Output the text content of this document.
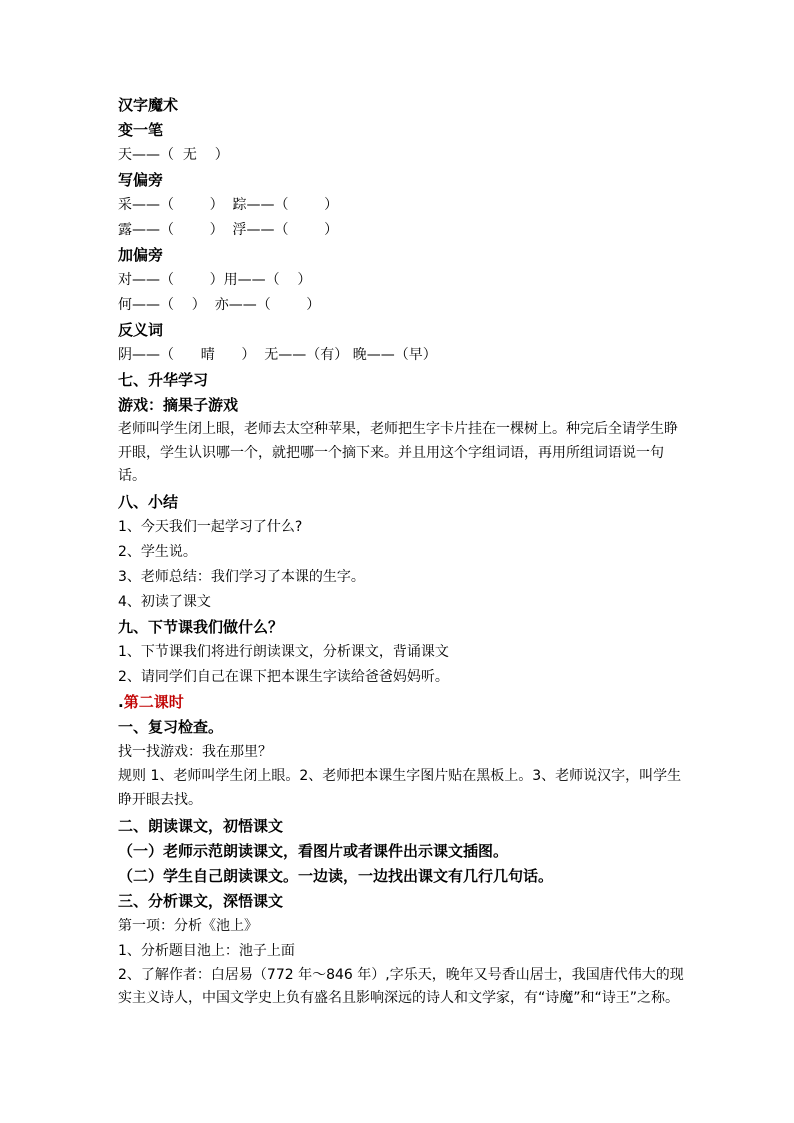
汉字魔术
变一笔
天——（  无    ）
写偏旁
采——（        ）  踪——（        ）
露——（        ）  浮——（        ）
加偏旁
对——（        ）用——（    ）
何——（    ）  亦——（        ）
反义词
阴——（      晴      ）  无——（有） 晚——（早）
七、升华学习
游戏：摘果子游戏
老师叫学生闭上眼，老师去太空种苹果，老师把生字卡片挂在一棵树上。种完后全请学生睁开眼，学生认识哪一个，就把哪一个摘下来。并且用这个字组词语，再用所组词语说一句话。
八、小结
1、今天我们一起学习了什么?
2、学生说。
3、老师总结：我们学习了本课的生字。
4、初读了课文
九、下节课我们做什么？
1、下节课我们将进行朗读课文，分析课文，背诵课文
2、请同学们自己在课下把本课生字读给爸爸妈妈听。
.第二课时
一、复习检查。
找一找游戏：我在那里？
规则 1、老师叫学生闭上眼。2、老师把本课生字图片贴在黑板上。3、老师说汉字，叫学生睁开眼去找。
二、朗读课文，初悟课文
（一）老师示范朗读课文，看图片或者课件出示课文插图。
（二）学生自己朗读课文。一边读，一边找出课文有几行几句话。
三、分析课文，深悟课文
第一项：分析《池上》
1、分析题目池上：池子上面
2、了解作者：白居易（772 年～846 年）,字乐天，晚年又号香山居士，我国唐代伟大的现实主义诗人，中国文学史上负有盛名且影响深远的诗人和文学家，有“诗魔”和“诗王”之称。
